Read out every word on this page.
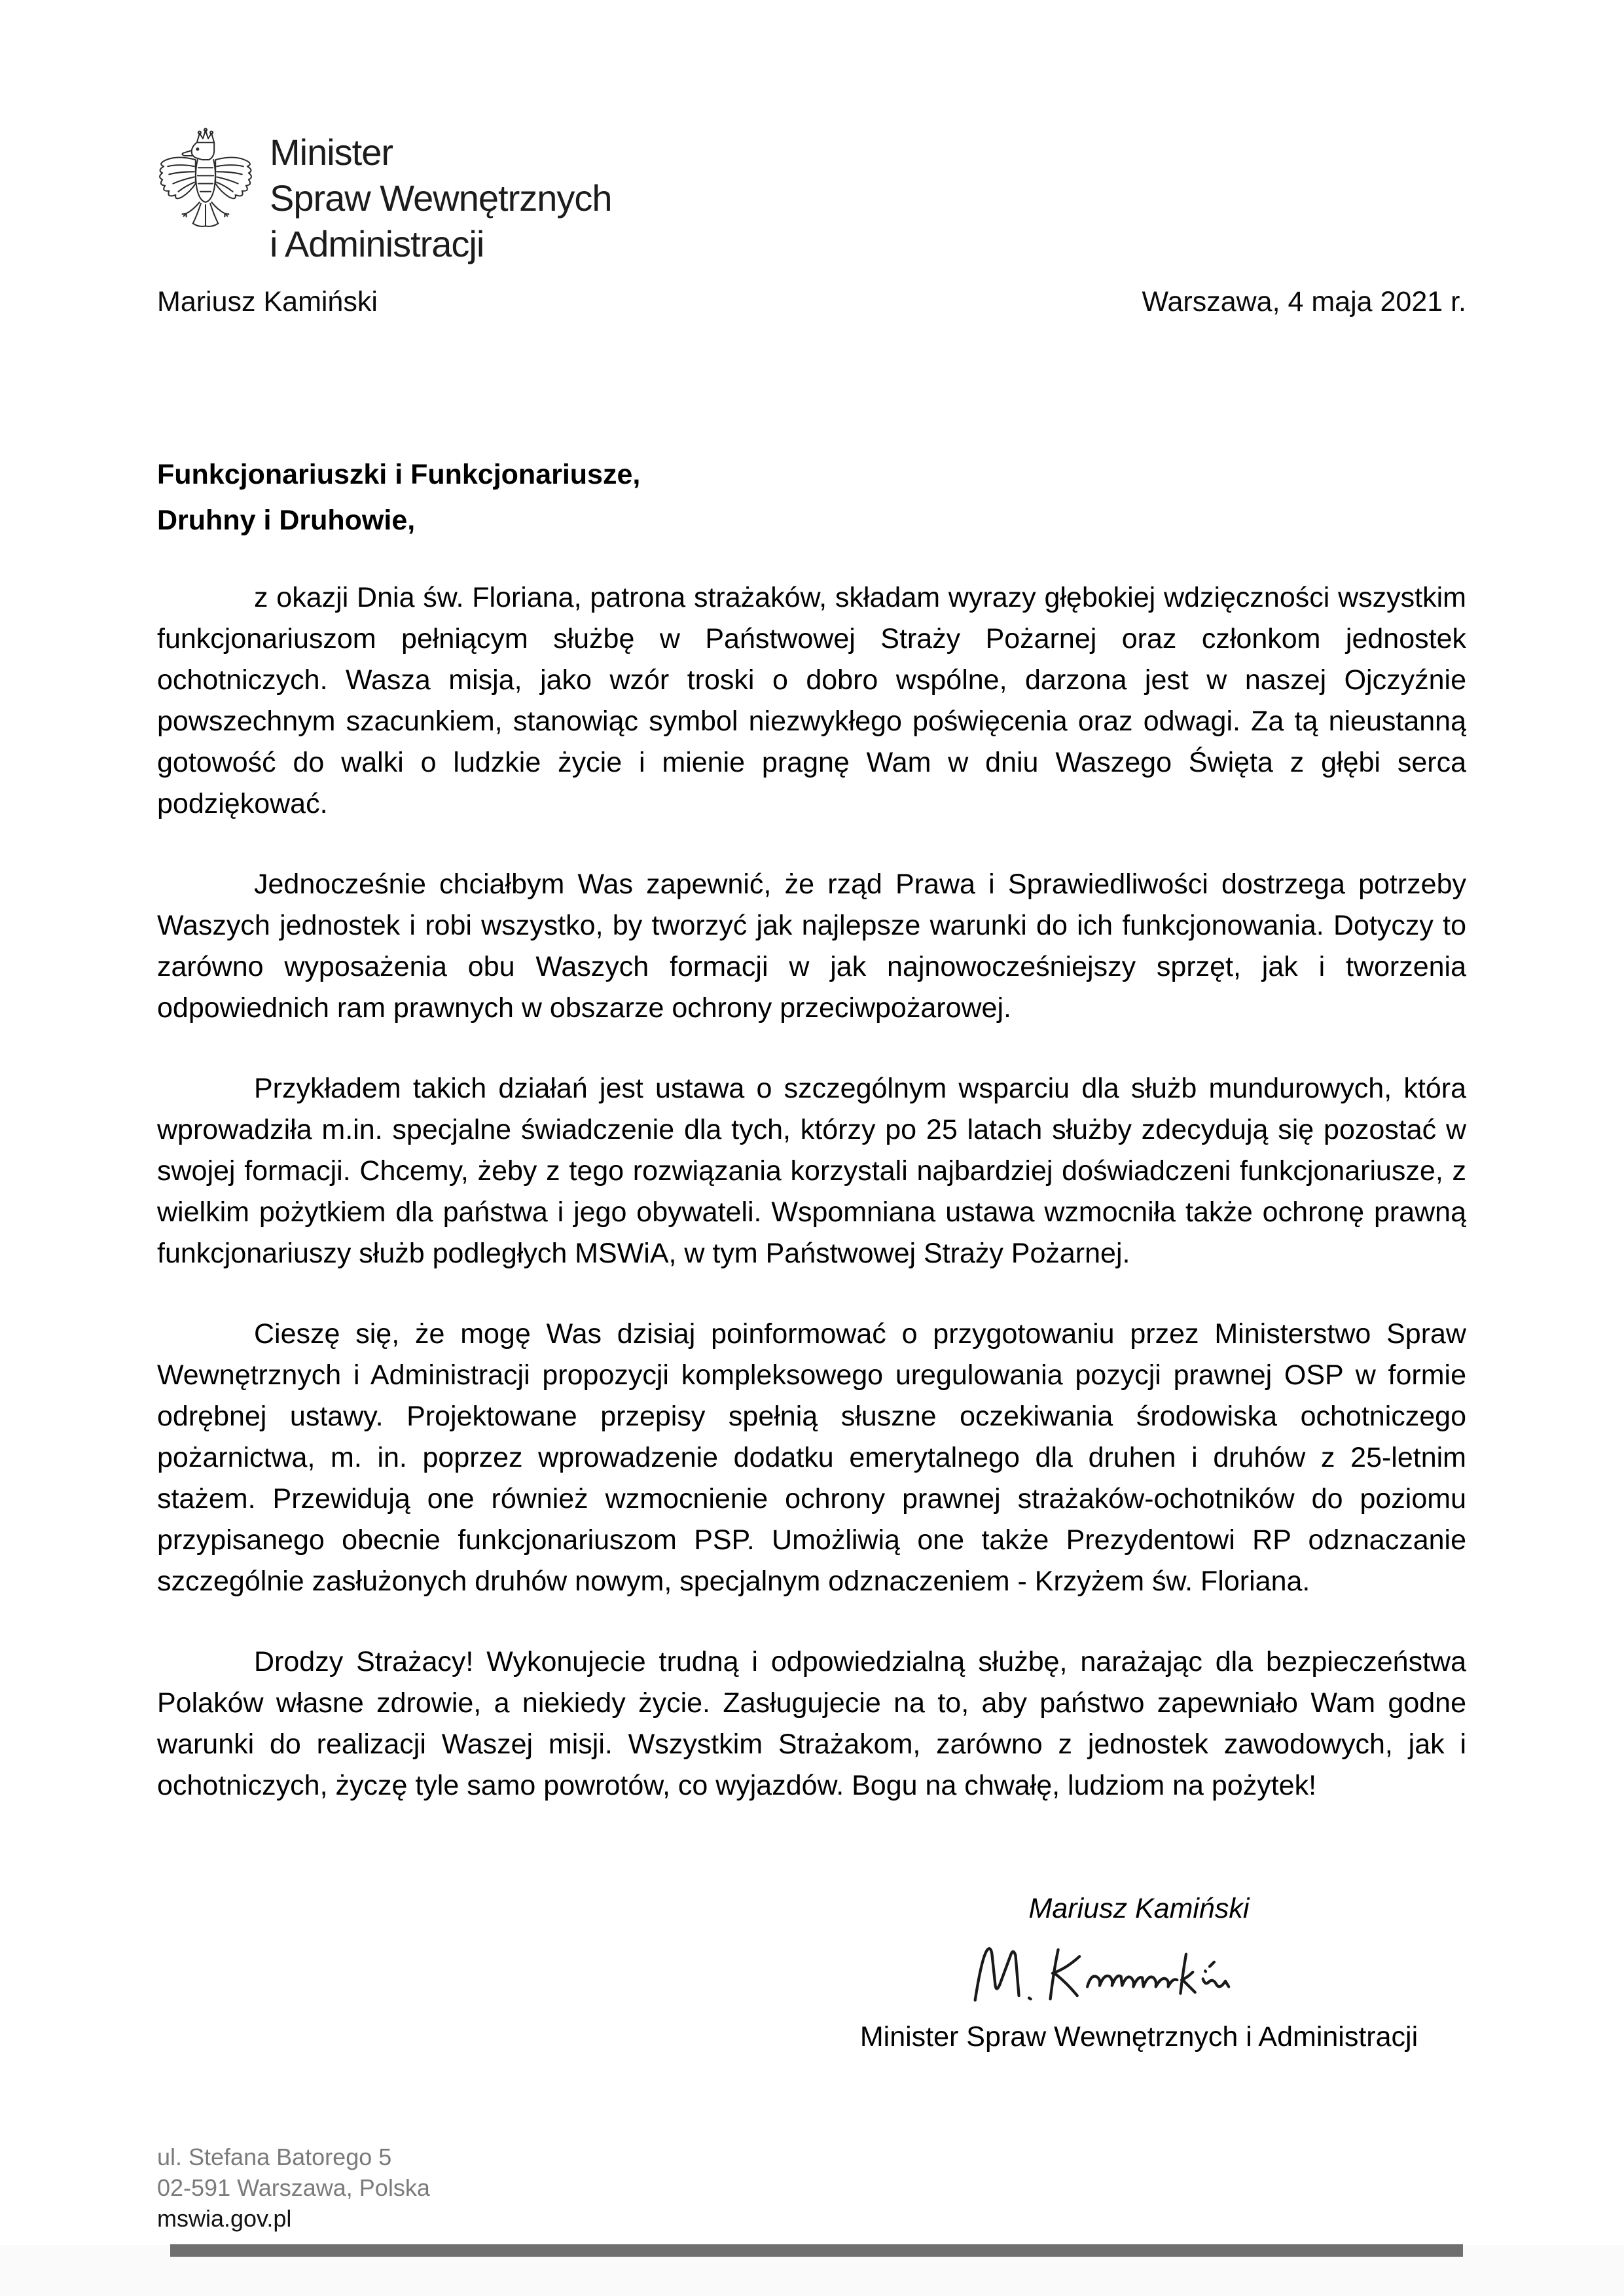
Minister
Spraw Wewnętrznych
i Administracji
Mariusz Kamiński	Warszawa, 4 maja 2021 r.
Funkcjonariuszki i Funkcjonariusze,
Druhny i Druhowie,

z okazji Dnia św. Floriana, patrona strażaków, składam wyrazy głębokiej wdzięczności wszystkim funkcjonariuszom pełniącym służbę w Państwowej Straży Pożarnej oraz członkom jednostek ochotniczych. Wasza misja, jako wzór troski o dobro wspólne, darzona jest w naszej Ojczyźnie powszechnym szacunkiem, stanowiąc symbol niezwykłego poświęcenia oraz odwagi. Za tą nieustanną gotowość do walki o ludzkie życie i mienie pragnę Wam w dniu Waszego Święta z głębi serca podziękować.

Jednocześnie chciałbym Was zapewnić, że rząd Prawa i Sprawiedliwości dostrzega potrzeby Waszych jednostek i robi wszystko, by tworzyć jak najlepsze warunki do ich funkcjonowania. Dotyczy to zarówno wyposażenia obu Waszych formacji w jak najnowocześniejszy sprzęt, jak i tworzenia odpowiednich ram prawnych w obszarze ochrony przeciwpożarowej.

Przykładem takich działań jest ustawa o szczególnym wsparciu dla służb mundurowych, która wprowadziła m.in. specjalne świadczenie dla tych, którzy po 25 latach służby zdecydują się pozostać w swojej formacji. Chcemy, żeby z tego rozwiązania korzystali najbardziej doświadczeni funkcjonariusze, z wielkim pożytkiem dla państwa i jego obywateli. Wspomniana ustawa wzmocniła także ochronę prawną funkcjonariuszy służb podległych MSWiA, w tym Państwowej Straży Pożarnej.

Cieszę się, że mogę Was dzisiaj poinformować o przygotowaniu przez Ministerstwo Spraw Wewnętrznych i Administracji propozycji kompleksowego uregulowania pozycji prawnej OSP w formie odrębnej ustawy. Projektowane przepisy spełnią słuszne oczekiwania środowiska ochotniczego pożarnictwa, m. in. poprzez wprowadzenie dodatku emerytalnego dla druhen i druhów z 25-letnim stażem. Przewidują one również wzmocnienie ochrony prawnej strażaków-ochotników do poziomu przypisanego obecnie funkcjonariuszom PSP. Umożliwią one także Prezydentowi RP odznaczanie szczególnie zasłużonych druhów nowym, specjalnym odznaczeniem - Krzyżem św. Floriana.

Drodzy Strażacy! Wykonujecie trudną i odpowiedzialną służbę, narażając dla bezpieczeństwa Polaków własne zdrowie, a niekiedy życie. Zasługujecie na to, aby państwo zapewniało Wam godne warunki do realizacji Waszej misji. Wszystkim Strażakom, zarówno z jednostek zawodowych, jak i ochotniczych, życzę tyle samo powrotów, co wyjazdów. Bogu na chwałę, ludziom na pożytek!

Mariusz Kamiński
Minister Spraw Wewnętrznych i Administracji
ul. Stefana Batorego 5
02-591 Warszawa, Polska
mswia.gov.pl
